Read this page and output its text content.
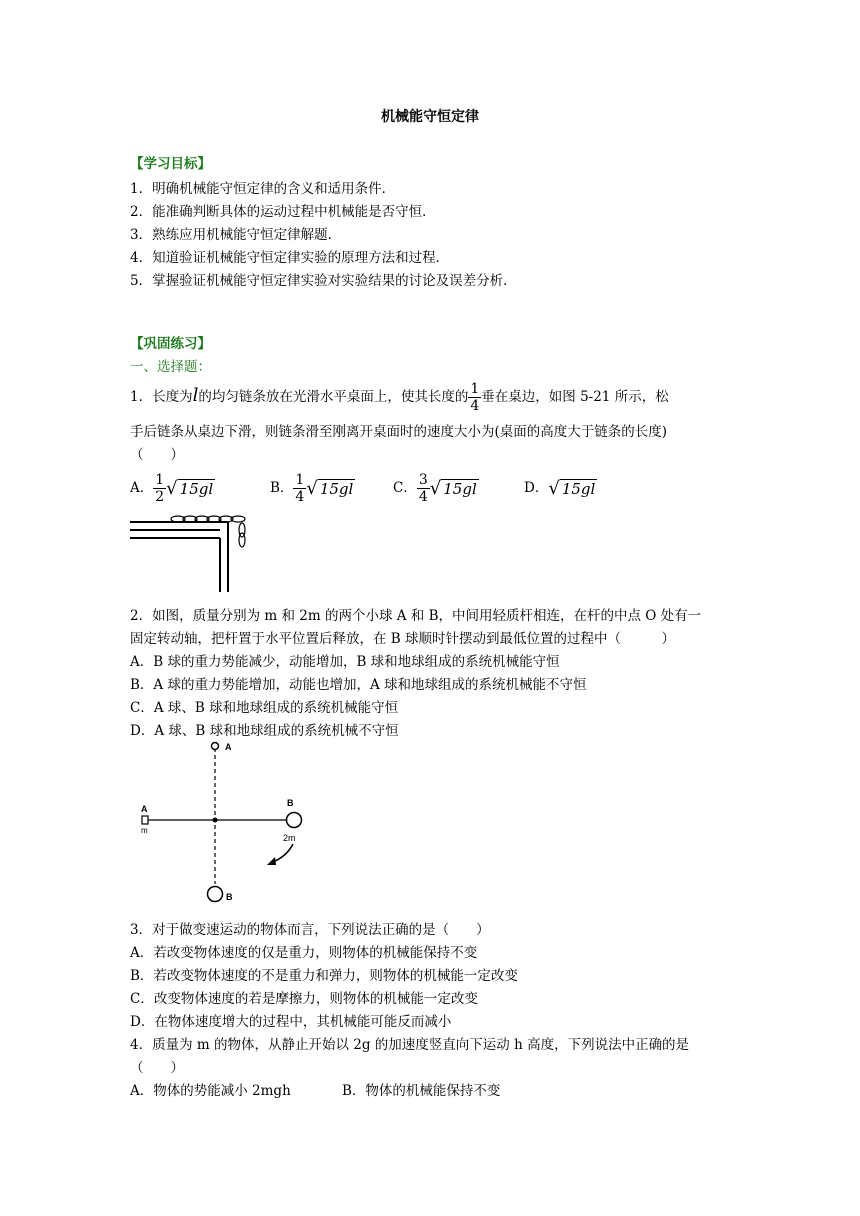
机械能守恒定律
【学习目标】
1．明确机械能守恒定律的含义和适用条件．
2．能准确判断具体的运动过程中机械能是否守恒．
3．熟练应用机械能守恒定律解题．
4．知道验证机械能守恒定律实验的原理方法和过程．
5．掌握验证机械能守恒定律实验对实验结果的讨论及误差分析．
【巩固练习】
一、选择题：
1．长度为l的均匀链条放在光滑水平桌面上，使其长度的 $\frac{1}{4}$ 垂在桌边，如图 5-21 所示，松
手后链条从桌边下滑，则链条滑至刚离开桌面时的速度大小为(桌面的高度大于链条的长度)
（　　）
A． $\frac{1}{2}$ √ 15gl	B． $\frac{1}{4}$ √ 15gl	C． $\frac{3}{4}$ √ 15gl	D．√ 15gl
2．如图，质量分别为 m 和 2m 的两个小球 A 和 B，中间用轻质杆相连，在杆的中点 O 处有一
固定转动轴，把杆置于水平位置后释放，在 B 球顺时针摆动到最低位置的过程中（　　　）
A．B 球的重力势能减少，动能增加，B 球和地球组成的系统机械能守恒
B．A 球的重力势能增加，动能也增加，A 球和地球组成的系统机械能不守恒
C．A 球、B 球和地球组成的系统机械能守恒
D．A 球、B 球和地球组成的系统机械不守恒
A
A
m
B
2m
B
3．对于做变速运动的物体而言，下列说法正确的是（　　）
A．若改变物体速度的仅是重力，则物体的机械能保持不变
B．若改变物体速度的不是重力和弹力，则物体的机械能一定改变
C．改变物体速度的若是摩擦力，则物体的机械能一定改变
D．在物体速度增大的过程中，其机械能可能反而减小
4．质量为 m 的物体，从静止开始以 2g 的加速度竖直向下运动 h 高度，下列说法中正确的是
（　　）
A．物体的势能减小 2mgh	B．物体的机械能保持不变
